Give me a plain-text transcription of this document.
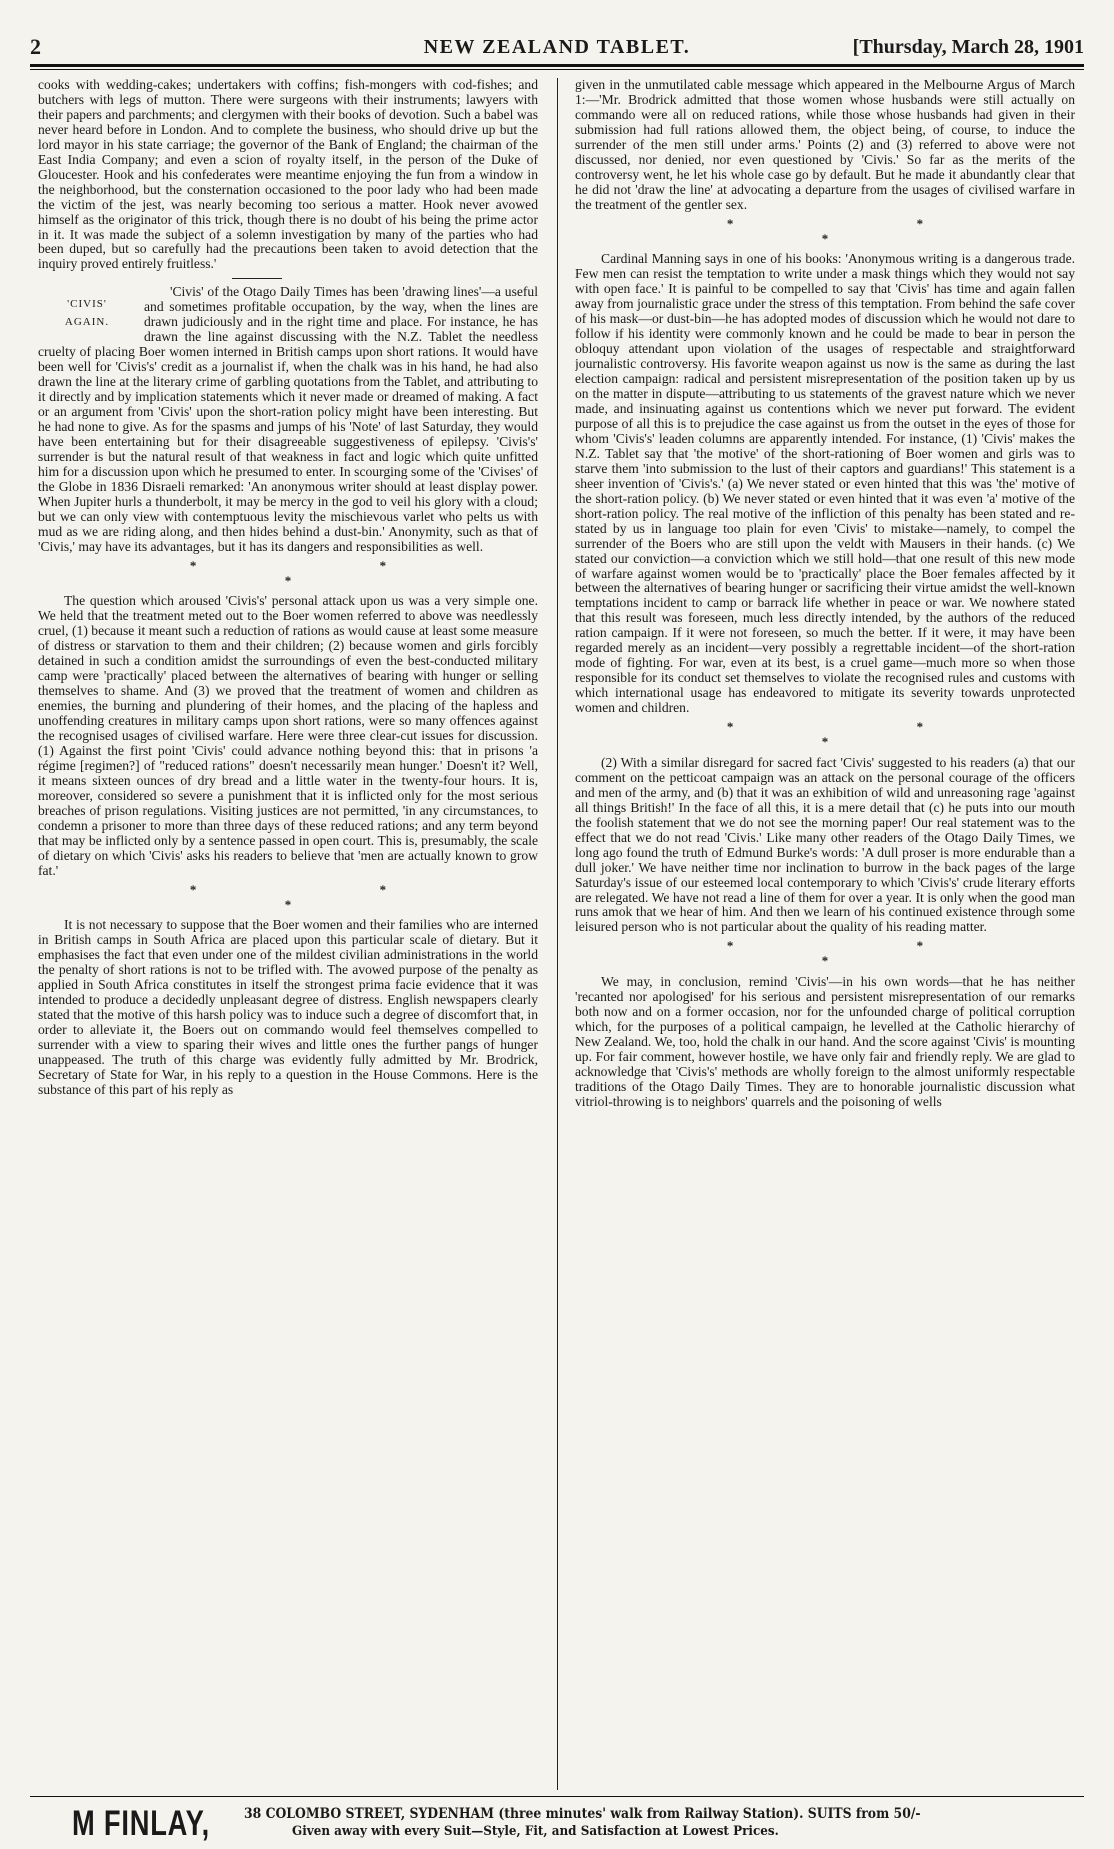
2	NEW ZEALAND TABLET.	[Thursday, March 28, 1901

cooks with wedding-cakes; undertakers with coffins; fish-mongers with cod-fishes; and butchers with legs of mutton. There were surgeons with their instruments; lawyers with their papers and parchments; and clergymen with their books of devotion. Such a babel was never heard before in London. And to complete the business, who should drive up but the lord mayor in his state carriage; the governor of the Bank of England; the chairman of the East India Company; and even a scion of royalty itself, in the person of the Duke of Gloucester. Hook and his confederates were meantime enjoying the fun from a window in the neighborhood, but the consternation occasioned to the poor lady who had been made the victim of the jest, was nearly becoming too serious a matter. Hook never avowed himself as the originator of this trick, though there is no doubt of his being the prime actor in it. It was made the subject of a solemn investigation by many of the parties who had been duped, but so carefully had the precautions been taken to avoid detection that the inquiry proved entirely fruitless.'

'CIVIS'
AGAIN.

'Civis' of the Otago Daily Times has been 'drawing lines'—a useful and sometimes profitable occupation, by the way, when the lines are drawn judiciously and in the right time and place. For instance, he has drawn the line against discussing with the N.Z. Tablet the needless cruelty of placing Boer women interned in British camps upon short rations. It would have been well for 'Civis's' credit as a journalist if, when the chalk was in his hand, he had also drawn the line at the literary crime of garbling quotations from the Tablet, and attributing to it directly and by implication statements which it never made or dreamed of making. A fact or an argument from 'Civis' upon the short-ration policy might have been interesting. But he had none to give. As for the spasms and jumps of his 'Note' of last Saturday, they would have been entertaining but for their disagreeable suggestiveness of epilepsy. 'Civis's' surrender is but the natural result of that weakness in fact and logic which quite unfitted him for a discussion upon which he presumed to enter. In scourging some of the 'Civises' of the Globe in 1836 Disraeli remarked: 'An anonymous writer should at least display power. When Jupiter hurls a thunderbolt, it may be mercy in the god to veil his glory with a cloud; but we can only view with contemptuous levity the mischievous varlet who pelts us with mud as we are riding along, and then hides behind a dust-bin.' Anonymity, such as that of 'Civis,' may have its advantages, but it has its dangers and responsibilities as well.

* * *

The question which aroused 'Civis's' personal attack upon us was a very simple one. We held that the treatment meted out to the Boer women referred to above was needlessly cruel, (1) because it meant such a reduction of rations as would cause at least some measure of distress or starvation to them and their children; (2) because women and girls forcibly detained in such a condition amidst the surroundings of even the best-conducted military camp were 'practically' placed between the alternatives of bearing with hunger or selling themselves to shame. And (3) we proved that the treatment of women and children as enemies, the burning and plundering of their homes, and the placing of the hapless and unoffending creatures in military camps upon short rations, were so many offences against the recognised usages of civilised warfare. Here were three clear-cut issues for discussion. (1) Against the first point 'Civis' could advance nothing beyond this: that in prisons 'a régime [regimen?] of "reduced rations" doesn't necessarily mean hunger.' Doesn't it? Well, it means sixteen ounces of dry bread and a little water in the twenty-four hours. It is, moreover, considered so severe a punishment that it is inflicted only for the most serious breaches of prison regulations. Visiting justices are not permitted, 'in any circumstances, to condemn a prisoner to more than three days of these reduced rations; and any term beyond that may be inflicted only by a sentence passed in open court. This is, presumably, the scale of dietary on which 'Civis' asks his readers to believe that 'men are actually known to grow fat.'

* * *

It is not necessary to suppose that the Boer women and their families who are interned in British camps in South Africa are placed upon this particular scale of dietary. But it emphasises the fact that even under one of the mildest civilian administrations in the world the penalty of short rations is not to be trifled with. The avowed purpose of the penalty as applied in South Africa constitutes in itself the strongest prima facie evidence that it was intended to produce a decidedly unpleasant degree of distress. English newspapers clearly stated that the motive of this harsh policy was to induce such a degree of discomfort that, in order to alleviate it, the Boers out on commando would feel themselves compelled to surrender with a view to sparing their wives and little ones the further pangs of hunger unappeased. The truth of this charge was evidently fully admitted by Mr. Brodrick, Secretary of State for War, in his reply to a question in the House Commons. Here is the substance of this part of his reply as

given in the unmutilated cable message which appeared in the Melbourne Argus of March 1:—'Mr. Brodrick admitted that those women whose husbands were still actually on commando were all on reduced rations, while those whose husbands had given in their submission had full rations allowed them, the object being, of course, to induce the surrender of the men still under arms.' Points (2) and (3) referred to above were not discussed, nor denied, nor even questioned by 'Civis.' So far as the merits of the controversy went, he let his whole case go by default. But he made it abundantly clear that he did not 'draw the line' at advocating a departure from the usages of civilised warfare in the treatment of the gentler sex.

* * *

Cardinal Manning says in one of his books: 'Anonymous writing is a dangerous trade. Few men can resist the temptation to write under a mask things which they would not say with open face.' It is painful to be compelled to say that 'Civis' has time and again fallen away from journalistic grace under the stress of this temptation. From behind the safe cover of his mask—or dust-bin—he has adopted modes of discussion which he would not dare to follow if his identity were commonly known and he could be made to bear in person the obloquy attendant upon violation of the usages of respectable and straightforward journalistic controversy. His favorite weapon against us now is the same as during the last election campaign: radical and persistent misrepresentation of the position taken up by us on the matter in dispute—attributing to us statements of the gravest nature which we never made, and insinuating against us contentions which we never put forward. The evident purpose of all this is to prejudice the case against us from the outset in the eyes of those for whom 'Civis's' leaden columns are apparently intended. For instance, (1) 'Civis' makes the N.Z. Tablet say that 'the motive' of the short-rationing of Boer women and girls was to starve them 'into submission to the lust of their captors and guardians!' This statement is a sheer invention of 'Civis's.' (a) We never stated or even hinted that this was 'the' motive of the short-ration policy. (b) We never stated or even hinted that it was even 'a' motive of the short-ration policy. The real motive of the infliction of this penalty has been stated and re-stated by us in language too plain for even 'Civis' to mistake—namely, to compel the surrender of the Boers who are still upon the veldt with Mausers in their hands. (c) We stated our conviction—a conviction which we still hold—that one result of this new mode of warfare against women would be to 'practically' place the Boer females affected by it between the alternatives of bearing hunger or sacrificing their virtue amidst the well-known temptations incident to camp or barrack life whether in peace or war. We nowhere stated that this result was foreseen, much less directly intended, by the authors of the reduced ration campaign. If it were not foreseen, so much the better. If it were, it may have been regarded merely as an incident—very possibly a regrettable incident—of the short-ration mode of fighting. For war, even at its best, is a cruel game—much more so when those responsible for its conduct set themselves to violate the recognised rules and customs with which international usage has endeavored to mitigate its severity towards unprotected women and children.

* * *

(2) With a similar disregard for sacred fact 'Civis' suggested to his readers (a) that our comment on the petticoat campaign was an attack on the personal courage of the officers and men of the army, and (b) that it was an exhibition of wild and unreasoning rage 'against all things British!' In the face of all this, it is a mere detail that (c) he puts into our mouth the foolish statement that we do not see the morning paper! Our real statement was to the effect that we do not read 'Civis.' Like many other readers of the Otago Daily Times, we long ago found the truth of Edmund Burke's words: 'A dull proser is more endurable than a dull joker.' We have neither time nor inclination to burrow in the back pages of the large Saturday's issue of our esteemed local contemporary to which 'Civis's' crude literary efforts are relegated. We have not read a line of them for over a year. It is only when the good man runs amok that we hear of him. And then we learn of his continued existence through some leisured person who is not particular about the quality of his reading matter.

* * *

We may, in conclusion, remind 'Civis'—in his own words—that he has neither 'recanted nor apologised' for his serious and persistent misrepresentation of our remarks both now and on a former occasion, nor for the unfounded charge of political corruption which, for the purposes of a political campaign, he levelled at the Catholic hierarchy of New Zealand. We, too, hold the chalk in our hand. And the score against 'Civis' is mounting up. For fair comment, however hostile, we have only fair and friendly reply. We are glad to acknowledge that 'Civis's' methods are wholly foreign to the almost uniformly respectable traditions of the Otago Daily Times. They are to honorable journalistic discussion what vitriol-throwing is to neighbors' quarrels and the poisoning of wells

M FINLAY,	38 COLOMBO STREET, SYDENHAM (three minutes' walk from Railway Station). SUITS from 50/-
Given away with every Suit—Style, Fit, and Satisfaction at Lowest Prices.
